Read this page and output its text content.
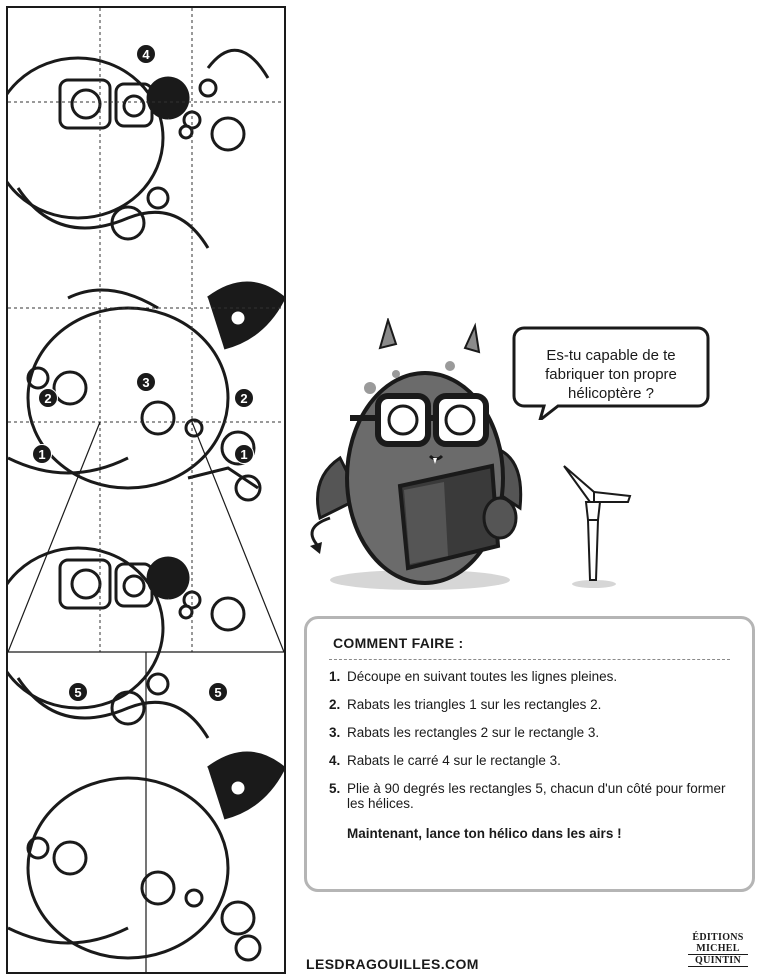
4
3
2	2
1	1
5	5
Es-tu capable de te
fabriquer ton propre
hélicoptère ?
COMMENT FAIRE :
1. Découpe en suivant toutes les lignes pleines.
2. Rabats les triangles 1 sur les rectangles 2.
3. Rabats les rectangles 2 sur le rectangle 3.
4. Rabats le carré 4 sur le rectangle 3.
5. Plie à 90 degrés les rectangles 5, chacun d'un côté pour former les hélices.
Maintenant, lance ton hélico dans les airs !
LESDRAGOUILLES.COM
ÉDITIONS
MICHEL
QUINTIN
